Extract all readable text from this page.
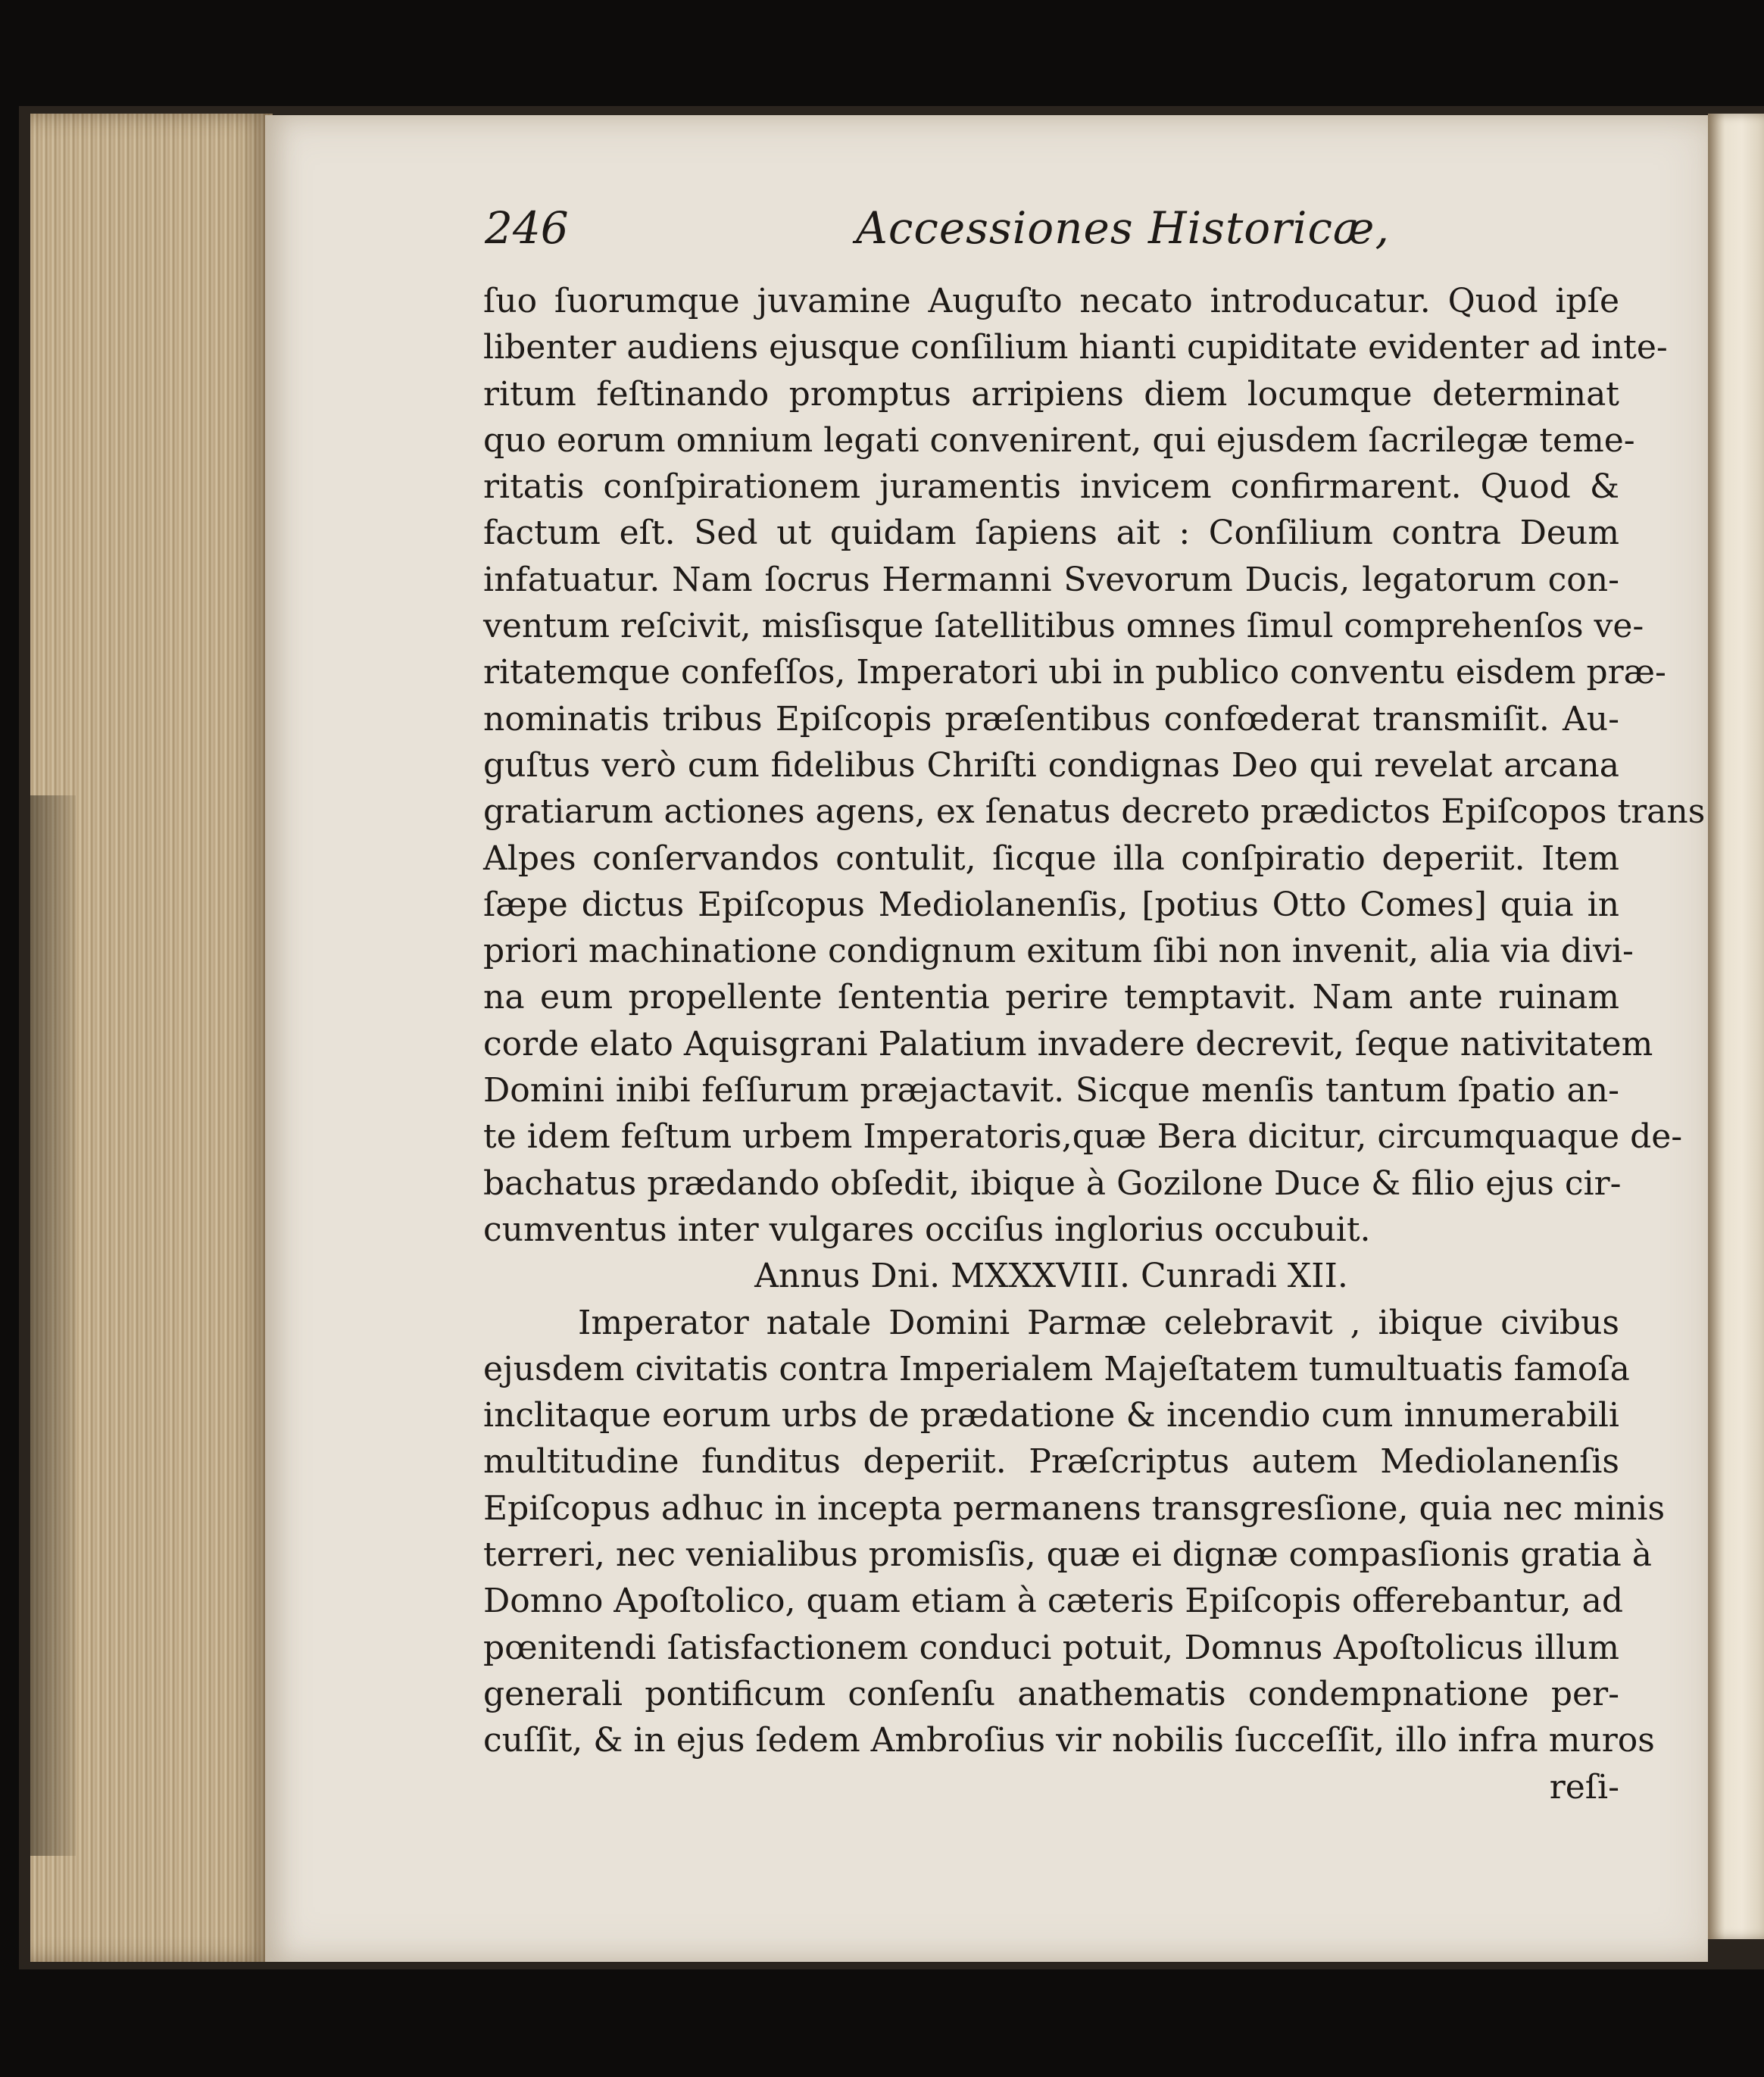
246	Accessiones Historicæ,
ſuo ſuorumque juvamine Auguſto necato introducatur. Quod ipſe
libenter audiens ejusque conſilium hianti cupiditate evidenter ad inte-
ritum feſtinando promptus arripiens diem locumque determinat
quo eorum omnium legati convenirent, qui ejusdem ſacrilegæ teme-
ritatis conſpirationem juramentis invicem confirmarent. Quod &
factum eſt. Sed ut quidam ſapiens ait : Conſilium contra Deum
infatuatur. Nam ſocrus Hermanni Svevorum Ducis, legatorum con-
ventum reſcivit, misſisque ſatellitibus omnes ſimul comprehenſos ve-
ritatemque confeſſos, Imperatori ubi in publico conventu eisdem præ-
nominatis tribus Epiſcopis præſentibus confœderat transmiſit. Au-
guſtus verò cum fidelibus Chriſti condignas Deo qui revelat arcana
gratiarum actiones agens, ex ſenatus decreto prædictos Epiſcopos trans
Alpes conſervandos contulit, ſicque illa conſpiratio deperiit. Item
ſæpe dictus Epiſcopus Mediolanenſis, [potius Otto Comes] quia in
priori machinatione condignum exitum ſibi non invenit, alia via divi-
na eum propellente ſententia perire temptavit. Nam ante ruinam
corde elato Aquisgrani Palatium invadere decrevit, ſeque nativitatem
Domini inibi feſſurum præjactavit. Sicque menſis tantum ſpatio an-
te idem feſtum urbem Imperatoris,quæ Bera dicitur, circumquaque de-
bachatus prædando obſedit, ibique à Gozilone Duce & filio ejus cir-
cumventus inter vulgares occiſus inglorius occubuit.
Annus Dni. MXXXVIII. Cunradi XII.
Imperator natale Domini Parmæ celebravit , ibique civibus
ejusdem civitatis contra Imperialem Majeſtatem tumultuatis famoſa
inclitaque eorum urbs de prædatione & incendio cum innumerabili
multitudine funditus deperiit. Præſcriptus autem Mediolanenſis
Epiſcopus adhuc in incepta permanens transgresſione, quia nec minis
terreri, nec venialibus promisſis, quæ ei dignæ compasſionis gratia à
Domno Apoſtolico, quam etiam à cæteris Epiſcopis offerebantur, ad
pœnitendi ſatisfactionem conduci potuit, Domnus Apoſtolicus illum
generali pontificum conſenſu anathematis condempnatione per-
cuſſit, & in ejus ſedem Ambroſius vir nobilis ſucceſſit, illo infra muros
reſi-
